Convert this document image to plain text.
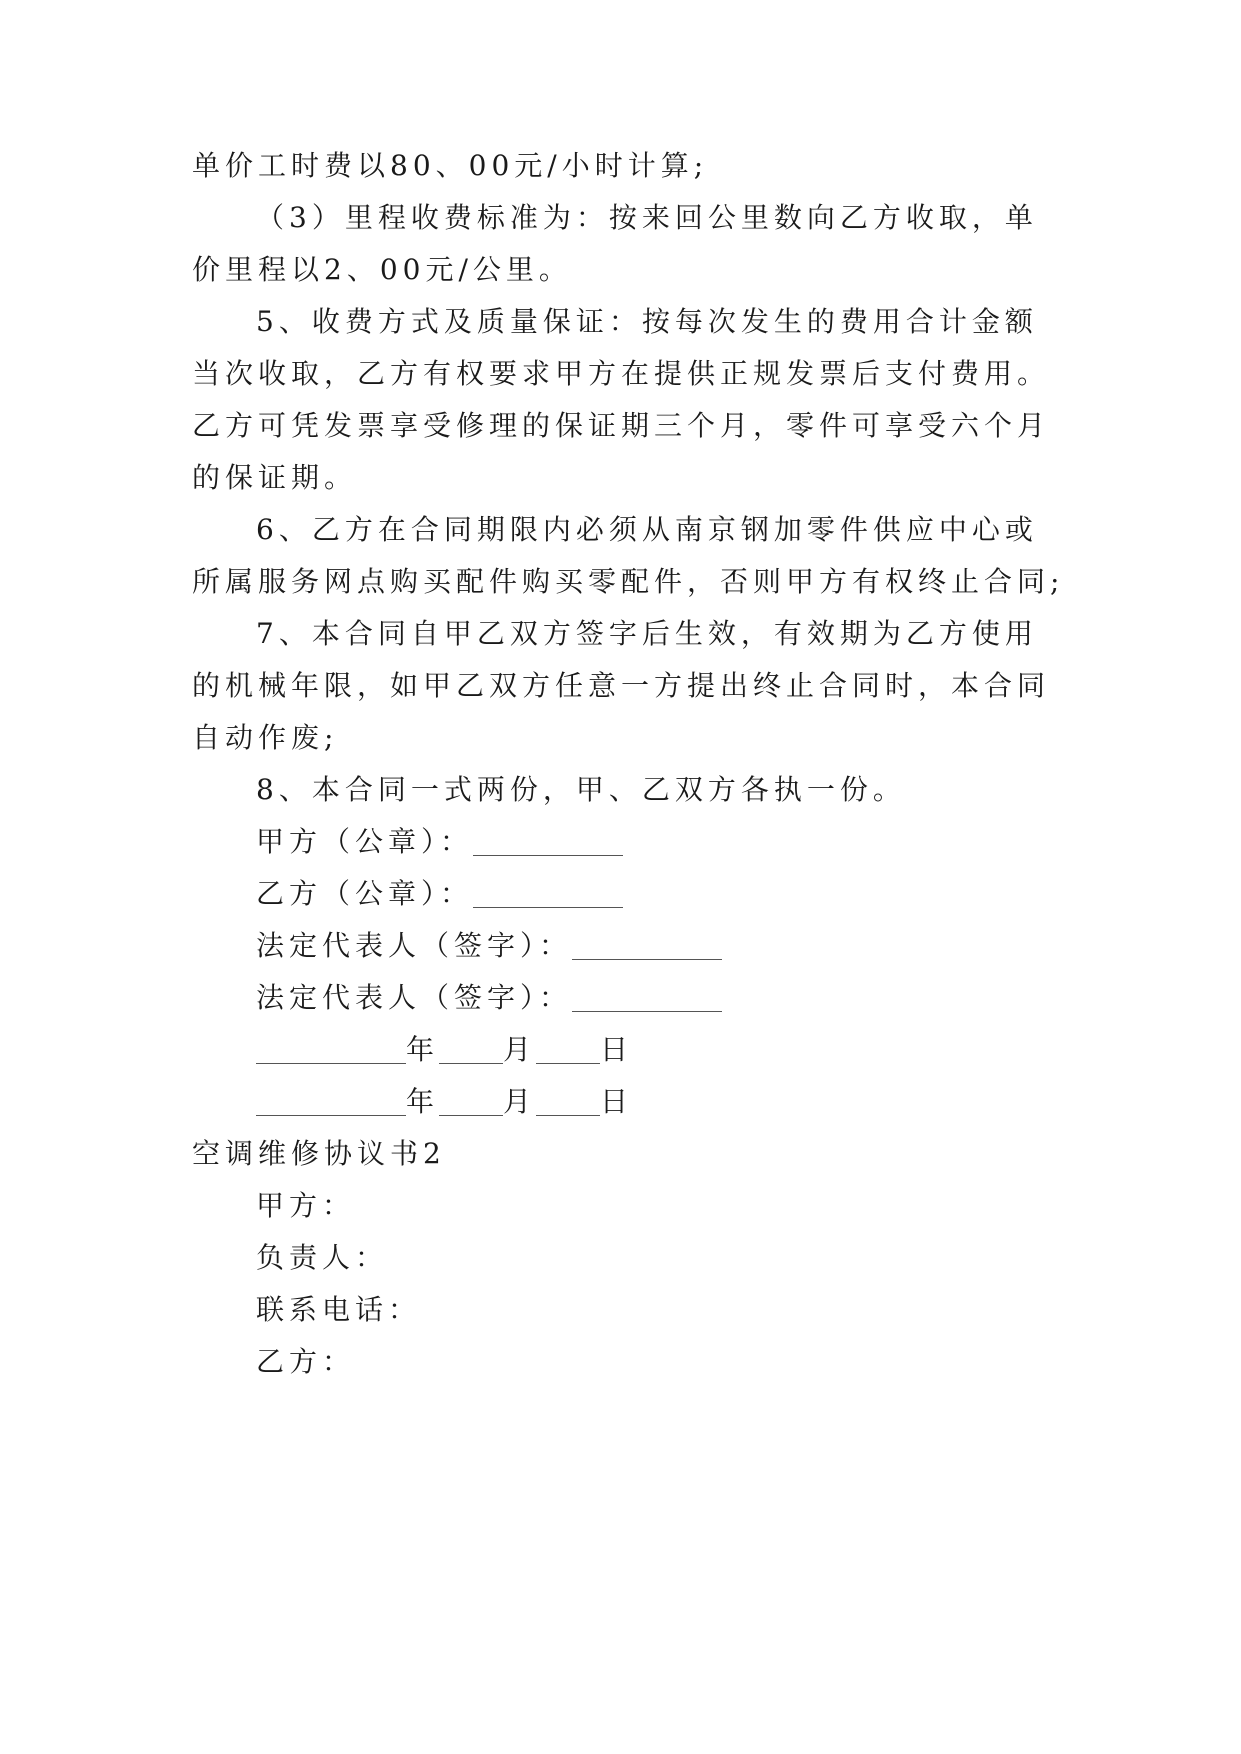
单价工时费以80、00元/小时计算;
（3）里程收费标准为：按来回公里数向乙方收取，单
价里程以2、00元/公里。
5、收费方式及质量保证：按每次发生的费用合计金额
当次收取，乙方有权要求甲方在提供正规发票后支付费用。
乙方可凭发票享受修理的保证期三个月，零件可享受六个月
的保证期。
6、乙方在合同期限内必须从南京钢加零件供应中心或
所属服务网点购买配件购买零配件，否则甲方有权终止合同;
7、本合同自甲乙双方签字后生效，有效期为乙方使用
的机械年限，如甲乙双方任意一方提出终止合同时，本合同
自动作废;
8、本合同一式两份，甲、乙双方各执一份。
甲方（公章）：
乙方（公章）：
法定代表人（签字）：
法定代表人（签字）：
年 月 日
年 月 日
空调维修协议书2
甲方：
负责人：
联系电话：
乙方：
